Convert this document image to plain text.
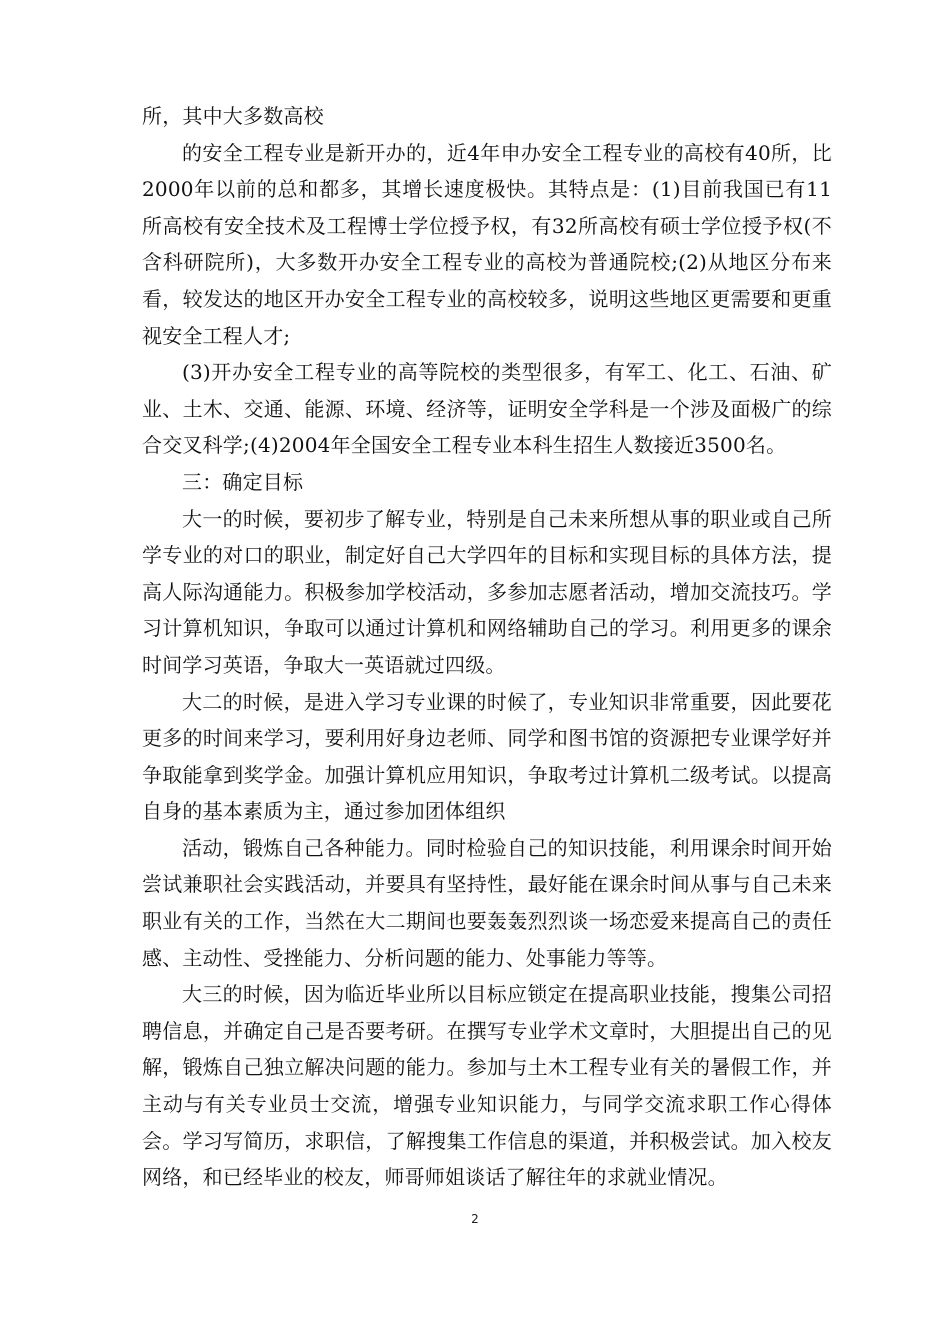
所，其中大多数高校

的安全工程专业是新开办的，近4年申办安全工程专业的高校有40所，比2000年以前的总和都多，其增长速度极快。其特点是：(1)目前我国已有11所高校有安全技术及工程博士学位授予权，有32所高校有硕士学位授予权(不含科研院所)，大多数开办安全工程专业的高校为普通院校;(2)从地区分布来看，较发达的地区开办安全工程专业的高校较多，说明这些地区更需要和更重视安全工程人才;

(3)开办安全工程专业的高等院校的类型很多，有军工、化工、石油、矿业、土木、交通、能源、环境、经济等，证明安全学科是一个涉及面极广的综合交叉科学;(4)2004年全国安全工程专业本科生招生人数接近3500名。

三：确定目标

大一的时候，要初步了解专业，特别是自己未来所想从事的职业或自己所学专业的对口的职业，制定好自己大学四年的目标和实现目标的具体方法，提高人际沟通能力。积极参加学校活动，多参加志愿者活动，增加交流技巧。学习计算机知识，争取可以通过计算机和网络辅助自己的学习。利用更多的课余时间学习英语，争取大一英语就过四级。

大二的时候，是进入学习专业课的时候了，专业知识非常重要，因此要花更多的时间来学习，要利用好身边老师、同学和图书馆的资源把专业课学好并争取能拿到奖学金。加强计算机应用知识，争取考过计算机二级考试。以提高自身的基本素质为主，通过参加团体组织

活动，锻炼自己各种能力。同时检验自己的知识技能，利用课余时间开始尝试兼职社会实践活动，并要具有坚持性，最好能在课余时间从事与自己未来职业有关的工作，当然在大二期间也要轰轰烈烈谈一场恋爱来提高自己的责任感、主动性、受挫能力、分析问题的能力、处事能力等等。

大三的时候，因为临近毕业所以目标应锁定在提高职业技能，搜集公司招聘信息，并确定自己是否要考研。在撰写专业学术文章时，大胆提出自己的见解，锻炼自己独立解决问题的能力。参加与土木工程专业有关的暑假工作，并主动与有关专业员士交流，增强专业知识能力，与同学交流求职工作心得体会。学习写简历，求职信，了解搜集工作信息的渠道，并积极尝试。加入校友网络，和已经毕业的校友，师哥师姐谈话了解往年的求就业情况。

2
